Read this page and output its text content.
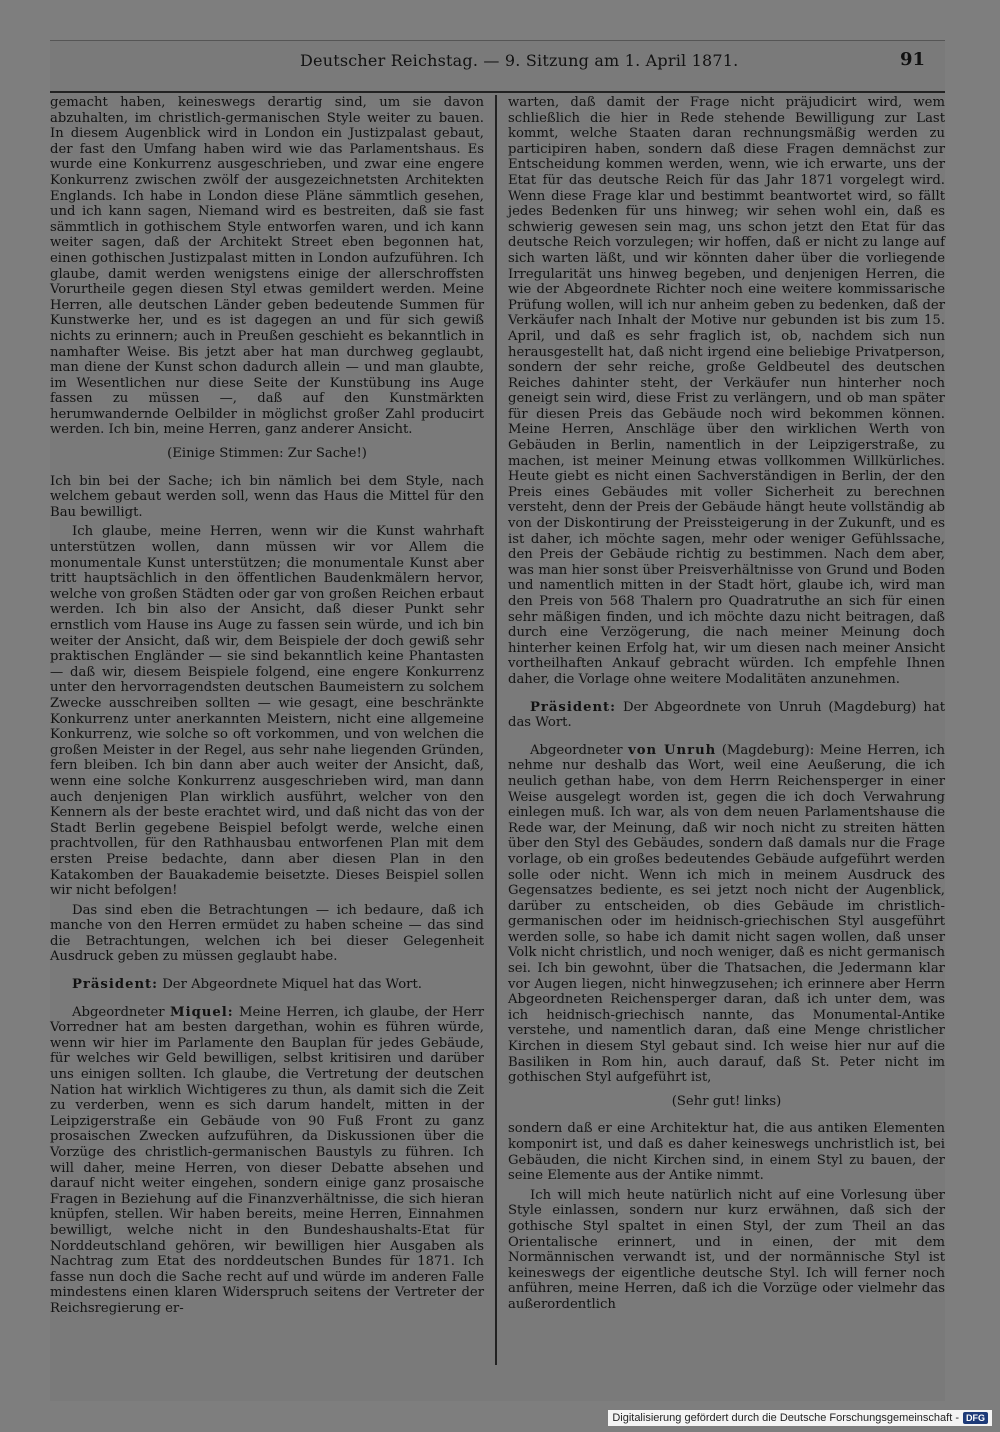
Deutscher Reichstag. — 9. Sitzung am 1. April 1871.	91

gemacht haben, keineswegs derartig sind, um sie davon abzuhalten, im christlich-germanischen Style weiter zu bauen. In diesem Augenblick wird in London ein Justizpalast gebaut, der fast den Umfang haben wird wie das Parlamentshaus. Es wurde eine Konkurrenz ausgeschrieben, und zwar eine engere Konkurrenz zwischen zwölf der ausgezeichnetsten Architekten Englands. Ich habe in London diese Pläne sämmtlich gesehen, und ich kann sagen, Niemand wird es bestreiten, daß sie fast sämmtlich in gothischem Style entworfen waren, und ich kann weiter sagen, daß der Architekt Street eben begonnen hat, einen gothischen Justizpalast mitten in London aufzuführen. Ich glaube, damit werden wenigstens einige der allerschroffsten Vorurtheile gegen diesen Styl etwas gemildert werden. Meine Herren, alle deutschen Länder geben bedeutende Summen für Kunstwerke her, und es ist dagegen an und für sich gewiß nichts zu erinnern; auch in Preußen geschieht es bekanntlich in namhafter Weise. Bis jetzt aber hat man durchweg geglaubt, man diene der Kunst schon dadurch allein — und man glaubte, im Wesentlichen nur diese Seite der Kunstübung ins Auge fassen zu müssen —, daß auf den Kunstmärkten herumwandernde Oelbilder in möglichst großer Zahl producirt werden. Ich bin, meine Herren, ganz anderer Ansicht.

(Einige Stimmen: Zur Sache!)

Ich bin bei der Sache; ich bin nämlich bei dem Style, nach welchem gebaut werden soll, wenn das Haus die Mittel für den Bau bewilligt.

Ich glaube, meine Herren, wenn wir die Kunst wahrhaft unterstützen wollen, dann müssen wir vor Allem die monumentale Kunst unterstützen; die monumentale Kunst aber tritt hauptsächlich in den öffentlichen Baudenkmälern hervor, welche von großen Städten oder gar von großen Reichen erbaut werden. Ich bin also der Ansicht, daß dieser Punkt sehr ernstlich vom Hause ins Auge zu fassen sein würde, und ich bin weiter der Ansicht, daß wir, dem Beispiele der doch gewiß sehr praktischen Engländer — sie sind bekanntlich keine Phantasten — daß wir, diesem Beispiele folgend, eine engere Konkurrenz unter den hervorragendsten deutschen Baumeistern zu solchem Zwecke ausschreiben sollten — wie gesagt, eine beschränkte Konkurrenz unter anerkannten Meistern, nicht eine allgemeine Konkurrenz, wie solche so oft vorkommen, und von welchen die großen Meister in der Regel, aus sehr nahe liegenden Gründen, fern bleiben. Ich bin dann aber auch weiter der Ansicht, daß, wenn eine solche Konkurrenz ausgeschrieben wird, man dann auch denjenigen Plan wirklich ausführt, welcher von den Kennern als der beste erachtet wird, und daß nicht das von der Stadt Berlin gegebene Beispiel befolgt werde, welche einen prachtvollen, für den Rathhausbau entworfenen Plan mit dem ersten Preise bedachte, dann aber diesen Plan in den Katakomben der Bauakademie beisetzte. Dieses Beispiel sollen wir nicht befolgen!

Das sind eben die Betrachtungen — ich bedaure, daß ich manche von den Herren ermüdet zu haben scheine — das sind die Betrachtungen, welchen ich bei dieser Gelegenheit Ausdruck geben zu müssen geglaubt habe.

Präsident: Der Abgeordnete Miquel hat das Wort.

Abgeordneter Miquel: Meine Herren, ich glaube, der Herr Vorredner hat am besten dargethan, wohin es führen würde, wenn wir hier im Parlamente den Bauplan für jedes Gebäude, für welches wir Geld bewilligen, selbst kritisiren und darüber uns einigen sollten. Ich glaube, die Vertretung der deutschen Nation hat wirklich Wichtigeres zu thun, als damit sich die Zeit zu verderben, wenn es sich darum handelt, mitten in der Leipzigerstraße ein Gebäude von 90 Fuß Front zu ganz prosaischen Zwecken aufzuführen, da Diskussionen über die Vorzüge des christlich-germanischen Baustyls zu führen. Ich will daher, meine Herren, von dieser Debatte absehen und darauf nicht weiter eingehen, sondern einige ganz prosaische Fragen in Beziehung auf die Finanzverhältnisse, die sich hieran knüpfen, stellen. Wir haben bereits, meine Herren, Einnahmen bewilligt, welche nicht in den Bundeshaushalts-Etat für Norddeutschland gehören, wir bewilligen hier Ausgaben als Nachtrag zum Etat des norddeutschen Bundes für 1871. Ich fasse nun doch die Sache recht auf und würde im anderen Falle mindestens einen klaren Widerspruch seitens der Vertreter der Reichsregierung er-

warten, daß damit der Frage nicht präjudicirt wird, wem schließlich die hier in Rede stehende Bewilligung zur Last kommt, welche Staaten daran rechnungsmäßig werden zu participiren haben, sondern daß diese Fragen demnächst zur Entscheidung kommen werden, wenn, wie ich erwarte, uns der Etat für das deutsche Reich für das Jahr 1871 vorgelegt wird. Wenn diese Frage klar und bestimmt beantwortet wird, so fällt jedes Bedenken für uns hinweg; wir sehen wohl ein, daß es schwierig gewesen sein mag, uns schon jetzt den Etat für das deutsche Reich vorzulegen; wir hoffen, daß er nicht zu lange auf sich warten läßt, und wir könnten daher über die vorliegende Irregularität uns hinweg begeben, und denjenigen Herren, die wie der Abgeordnete Richter noch eine weitere kommissarische Prüfung wollen, will ich nur anheim geben zu bedenken, daß der Verkäufer nach Inhalt der Motive nur gebunden ist bis zum 15. April, und daß es sehr fraglich ist, ob, nachdem sich nun herausgestellt hat, daß nicht irgend eine beliebige Privatperson, sondern der sehr reiche, große Geldbeutel des deutschen Reiches dahinter steht, der Verkäufer nun hinterher noch geneigt sein wird, diese Frist zu verlängern, und ob man später für diesen Preis das Gebäude noch wird bekommen können. Meine Herren, Anschläge über den wirklichen Werth von Gebäuden in Berlin, namentlich in der Leipzigerstraße, zu machen, ist meiner Meinung etwas vollkommen Willkürliches. Heute giebt es nicht einen Sachverständigen in Berlin, der den Preis eines Gebäudes mit voller Sicherheit zu berechnen versteht, denn der Preis der Gebäude hängt heute vollständig ab von der Diskontirung der Preissteigerung in der Zukunft, und es ist daher, ich möchte sagen, mehr oder weniger Gefühlssache, den Preis der Gebäude richtig zu bestimmen. Nach dem aber, was man hier sonst über Preisverhältnisse von Grund und Boden und namentlich mitten in der Stadt hört, glaube ich, wird man den Preis von 568 Thalern pro Quadratruthe an sich für einen sehr mäßigen finden, und ich möchte dazu nicht beitragen, daß durch eine Verzögerung, die nach meiner Meinung doch hinterher keinen Erfolg hat, wir um diesen nach meiner Ansicht vortheilhaften Ankauf gebracht würden. Ich empfehle Ihnen daher, die Vorlage ohne weitere Modalitäten anzunehmen.

Präsident: Der Abgeordnete von Unruh (Magdeburg) hat das Wort.

Abgeordneter von Unruh (Magdeburg): Meine Herren, ich nehme nur deshalb das Wort, weil eine Aeußerung, die ich neulich gethan habe, von dem Herrn Reichensperger in einer Weise ausgelegt worden ist, gegen die ich doch Verwahrung einlegen muß. Ich war, als von dem neuen Parlamentshause die Rede war, der Meinung, daß wir noch nicht zu streiten hätten über den Styl des Gebäudes, sondern daß damals nur die Frage vorlage, ob ein großes bedeutendes Gebäude aufgeführt werden solle oder nicht. Wenn ich mich in meinem Ausdruck des Gegensatzes bediente, es sei jetzt noch nicht der Augenblick, darüber zu entscheiden, ob dies Gebäude im christlich-germanischen oder im heidnisch-griechischen Styl ausgeführt werden solle, so habe ich damit nicht sagen wollen, daß unser Volk nicht christlich, und noch weniger, daß es nicht germanisch sei. Ich bin gewohnt, über die Thatsachen, die Jedermann klar vor Augen liegen, nicht hinwegzusehen; ich erinnere aber Herrn Abgeordneten Reichensperger daran, daß ich unter dem, was ich heidnisch-griechisch nannte, das Monumental-Antike verstehe, und namentlich daran, daß eine Menge christlicher Kirchen in diesem Styl gebaut sind. Ich weise hier nur auf die Basiliken in Rom hin, auch darauf, daß St. Peter nicht im gothischen Styl aufgeführt ist,

(Sehr gut! links)

sondern daß er eine Architektur hat, die aus antiken Elementen komponirt ist, und daß es daher keineswegs unchristlich ist, bei Gebäuden, die nicht Kirchen sind, in einem Styl zu bauen, der seine Elemente aus der Antike nimmt.

Ich will mich heute natürlich nicht auf eine Vorlesung über Style einlassen, sondern nur kurz erwähnen, daß sich der gothische Styl spaltet in einen Styl, der zum Theil an das Orientalische erinnert, und in einen, der mit dem Normännischen verwandt ist, und der normännische Styl ist keineswegs der eigentliche deutsche Styl. Ich will ferner noch anführen, meine Herren, daß ich die Vorzüge oder vielmehr das außerordentlich

Digitalisierung gefördert durch die Deutsche Forschungsgemeinschaft - DFG
